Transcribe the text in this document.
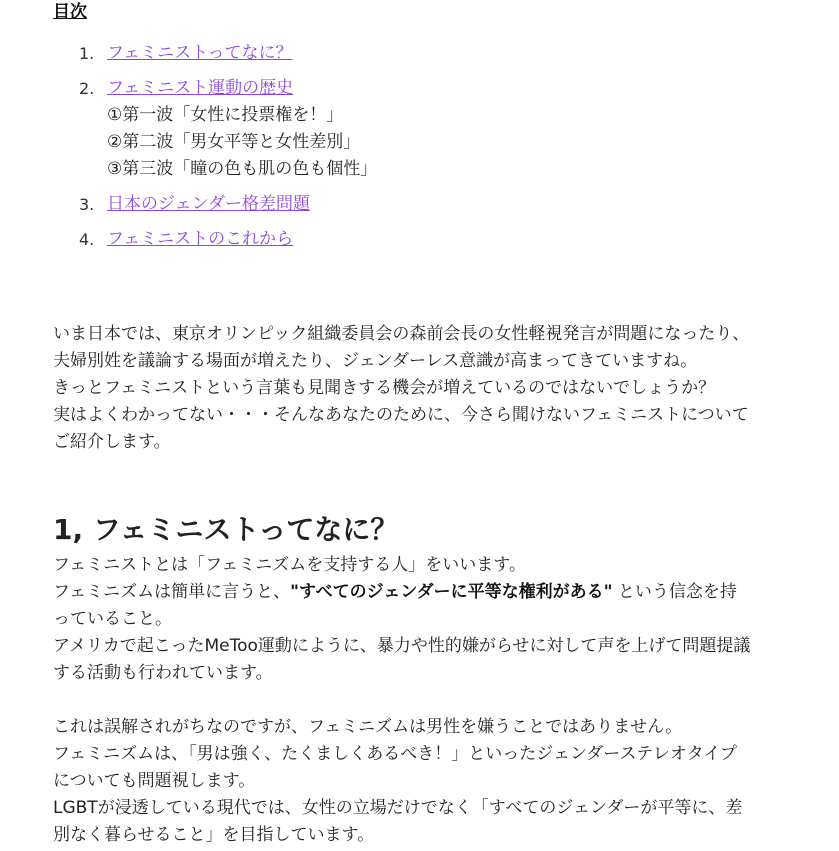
目次
1. フェミニストってなに？
2. フェミニスト運動の歴史
①第一波「女性に投票権を！」
②第二波「男女平等と女性差別」
③第三波「瞳の色も肌の色も個性」
3. 日本のジェンダー格差問題
4. フェミニストのこれから

いま日本では、東京オリンピック組織委員会の森前会長の女性軽視発言が問題になったり、

夫婦別姓を議論する場面が増えたり、ジェンダーレス意識が高まってきていますね。

きっとフェミニストという言葉も見聞きする機会が増えているのではないでしょうか？

実はよくわかってない・・・そんなあなたのために、今さら聞けないフェミニストについて

ご紹介します。

1, フェミニストってなに？

フェミニストとは「フェミニズムを支持する人」をいいます。

フェミニズムは簡単に言うと、"すべてのジェンダーに平等な権利がある" という信念を持

っていること。

アメリカで起こったMeToo運動にように、暴力や性的嫌がらせに対して声を上げて問題提議

する活動も行われています。

これは誤解されがちなのですが、フェミニズムは男性を嫌うことではありません。

フェミニズムは、「男は強く、たくましくあるべき！」といったジェンダーステレオタイプ

についても問題視します。

LGBTが浸透している現代では、女性の立場だけでなく「すべてのジェンダーが平等に、差

別なく暮らせること」を目指しています。
